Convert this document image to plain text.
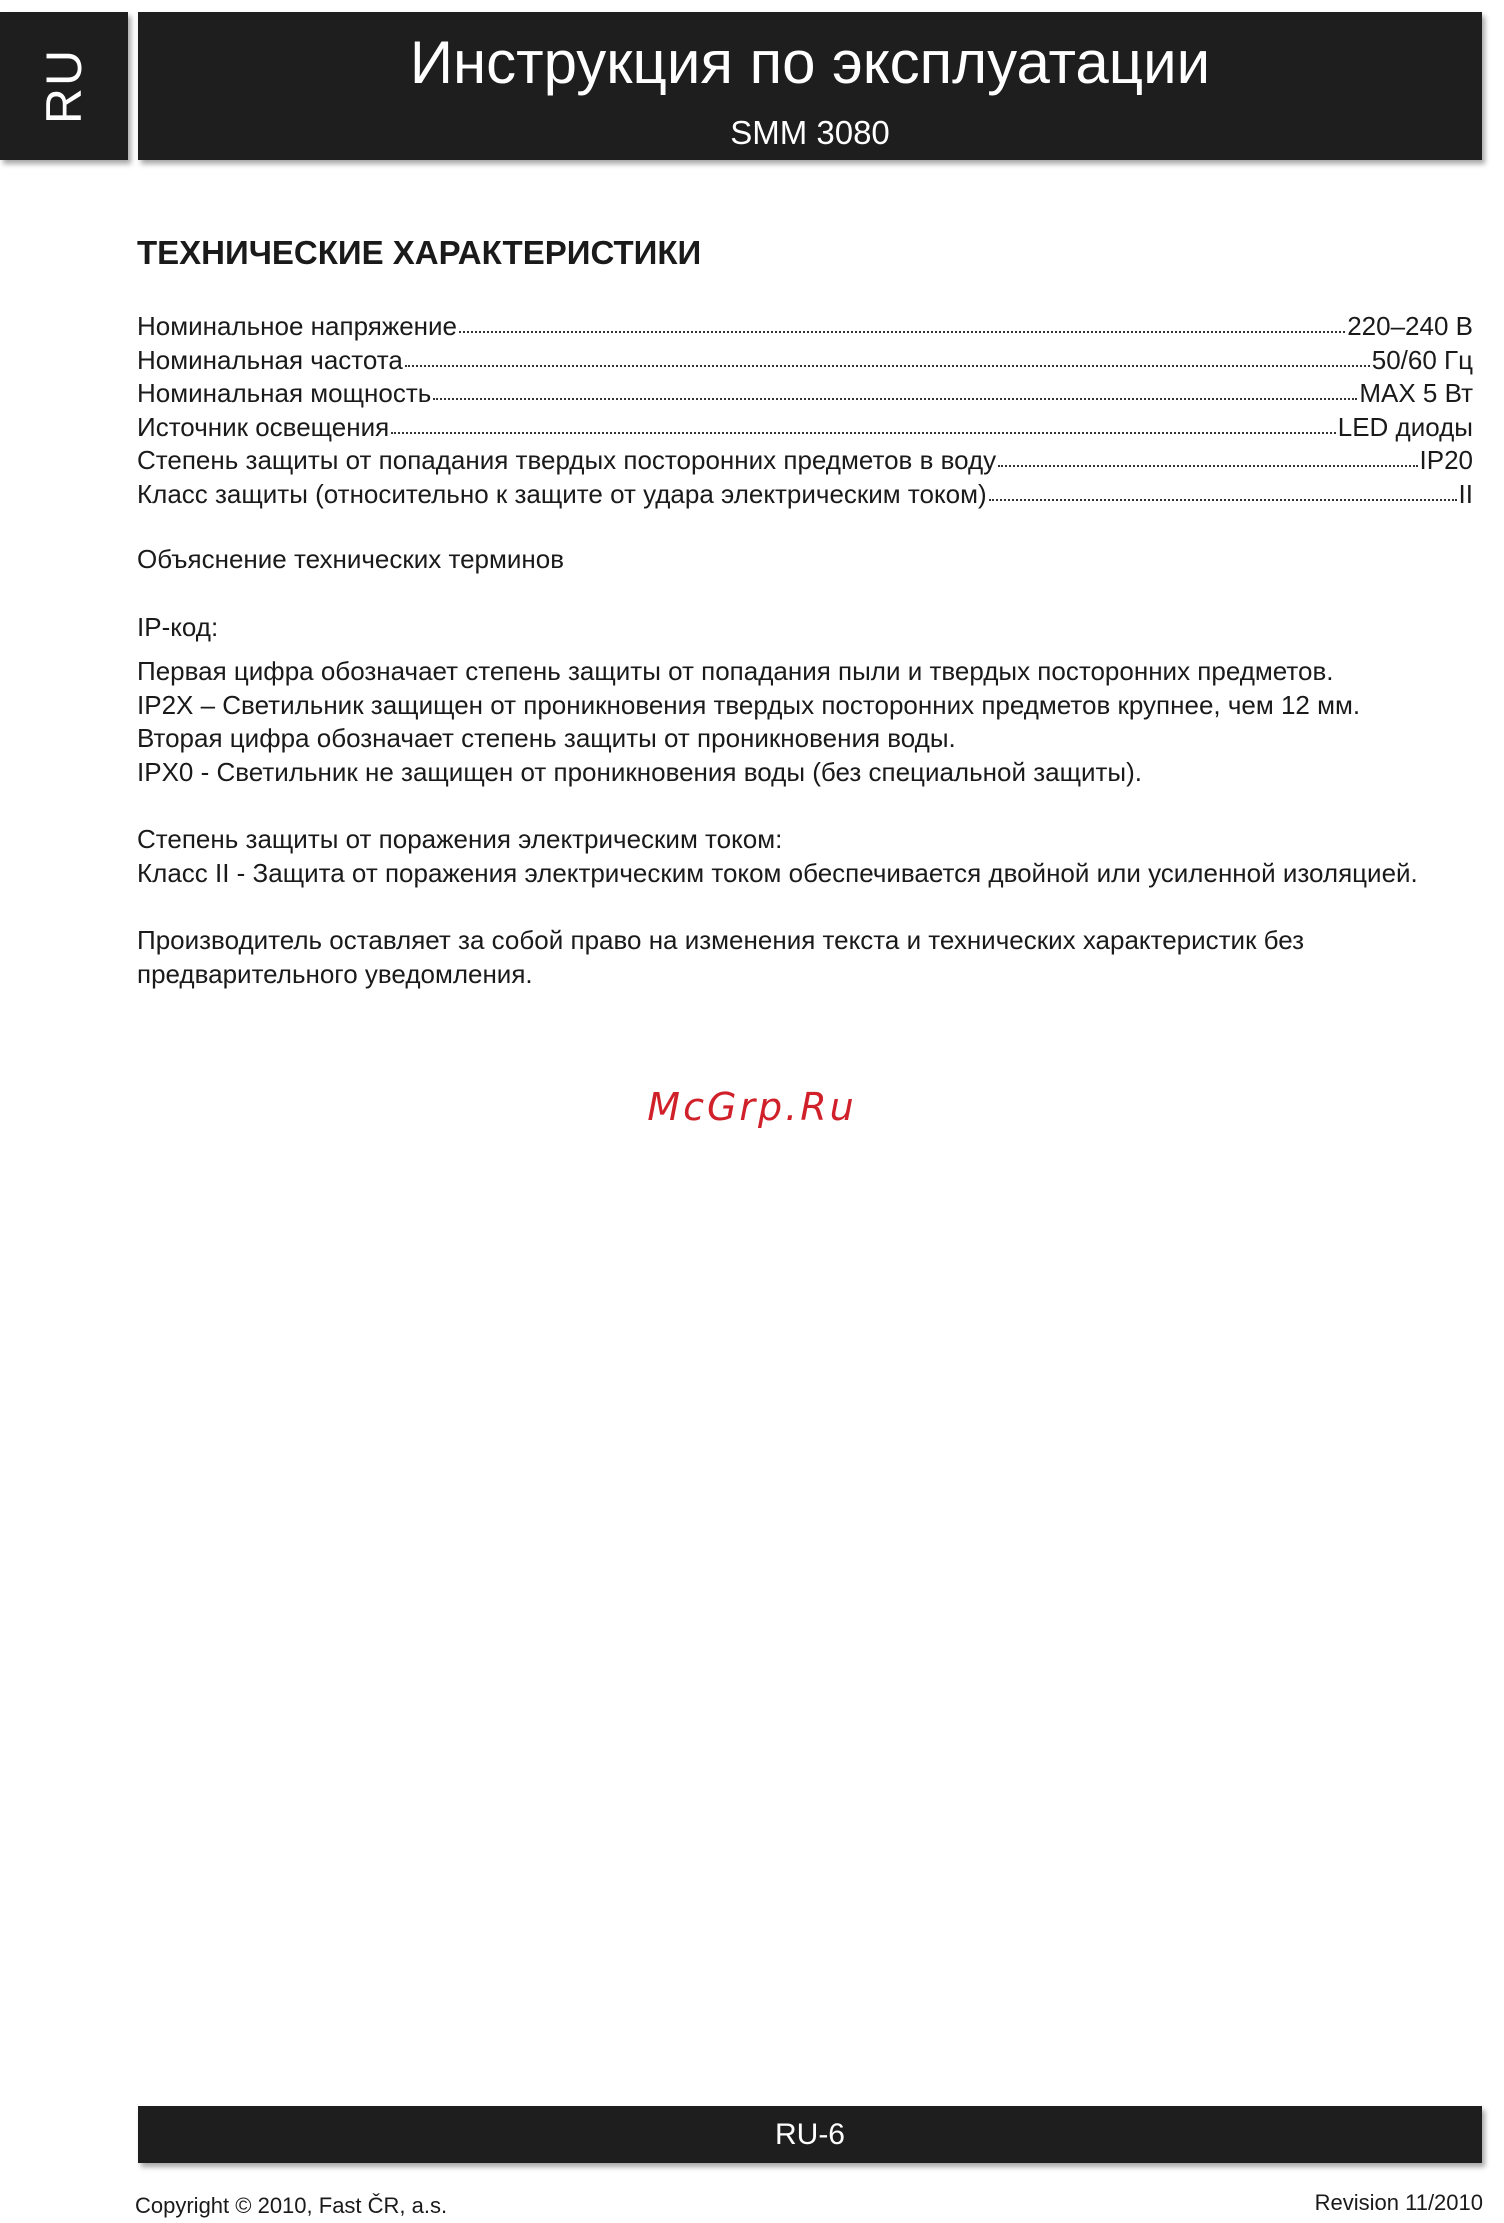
RU	Инструкция по эксплуатации
SMM 3080
ТЕХНИЧЕСКИЕ ХАРАКТЕРИСТИКИ
Номинальное напряжение	220–240 В
Номинальная частота	50/60 Гц
Номинальная мощность	MAX 5 Вт
Источник освещения	LED диоды
Степень защиты от попадания твердых посторонних предметов в воду	IP20
Класс защиты (относительно к защите от удара электрическим током)	II

Объяснение технических терминов

IP-код:

Первая цифра обозначает степень защиты от попадания пыли и твердых посторонних предметов.

IP2X – Светильник защищен от проникновения твердых посторонних предметов крупнее, чем 12 мм.

Вторая цифра обозначает степень защиты от проникновения воды.

IPX0 - Светильник не защищен от проникновения воды (без специальной защиты).

Степень защиты от поражения электрическим током:

Класс II - Защита от поражения электрическим током обеспечивается двойной или усиленной изоляцией.

Производитель оставляет за собой право на изменения текста и технических характеристик без предварительного уведомления.

McGrp.Ru
RU-6
Copyright © 2010, Fast ČR, a.s.	Revision 11/2010
